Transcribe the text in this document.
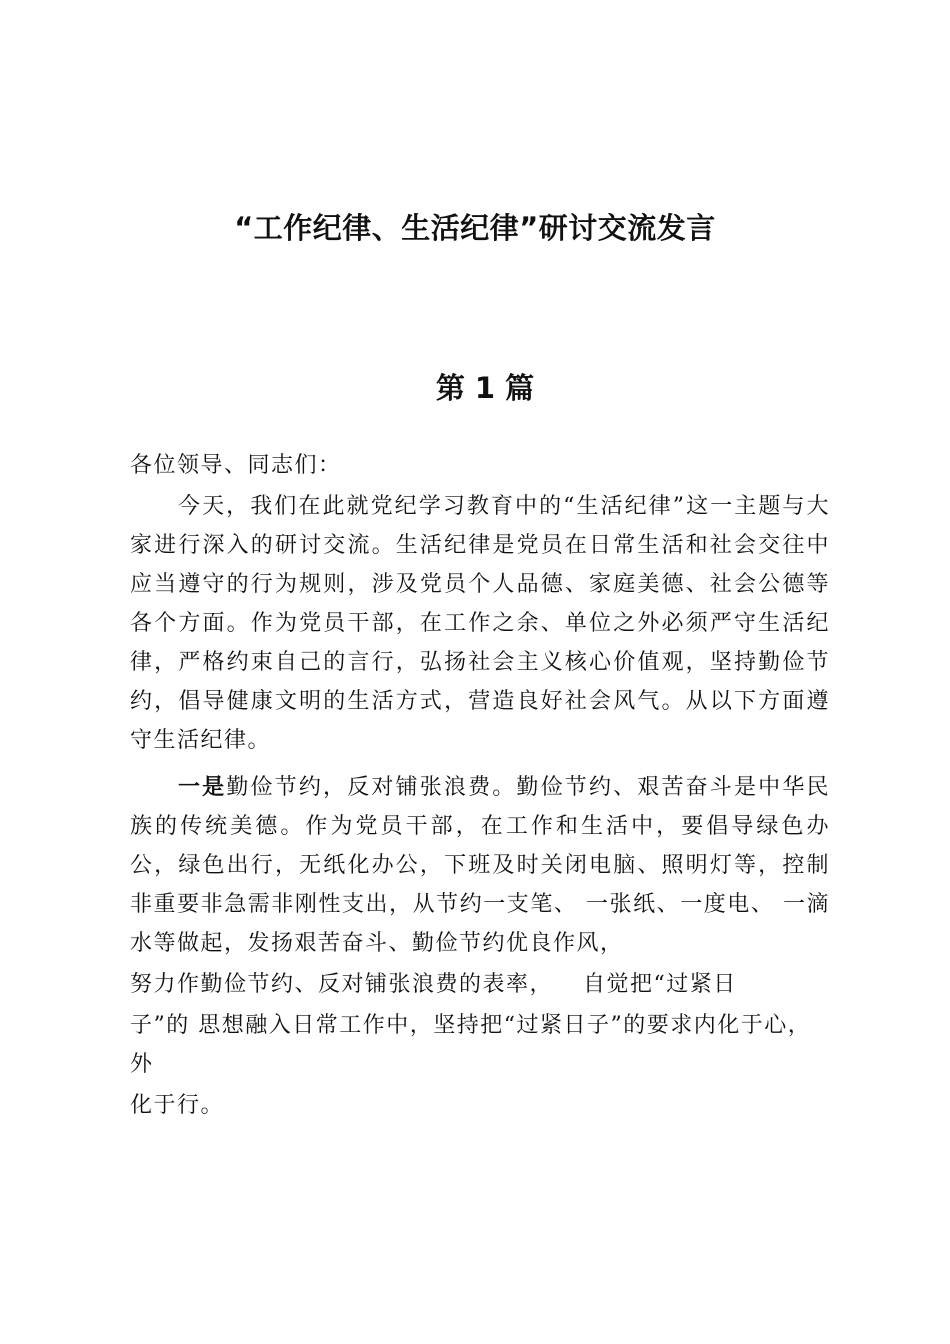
“工作纪律、生活纪律”研讨交流发言
第 1 篇

各位领导、同志们：

今天，我们在此就党纪学习教育中的“生活纪律”这一主题与大家进行深入的研讨交流。生活纪律是党员在日常生活和社会交往中应当遵守的行为规则，涉及党员个人品德、家庭美德、社会公德等各个方面。作为党员干部，在工作之余、单位之外必须严守生活纪律，严格约束自己的言行，弘扬社会主义核心价值观，坚持勤俭节约，倡导健康文明的生活方式，营造良好社会风气。从以下方面遵守生活纪律。

一是勤俭节约，反对铺张浪费。勤俭节约、艰苦奋斗是中华民族的传统美德。作为党员干部，在工作和生活中，要倡导绿色办公，绿色出行，无纸化办公，下班及时关闭电脑、照明灯等，控制非重要非急需非刚性支出，从节约一支笔、 一张纸、一度电、 一滴水等做起，发扬艰苦奋斗、勤俭节约优良作风，

努力作勤俭节约、反对铺张浪费的表率， 自觉把“过紧日

子”的 思想融入日常工作中，坚持把“过紧日子”的要求内化于心，外

化于行。
